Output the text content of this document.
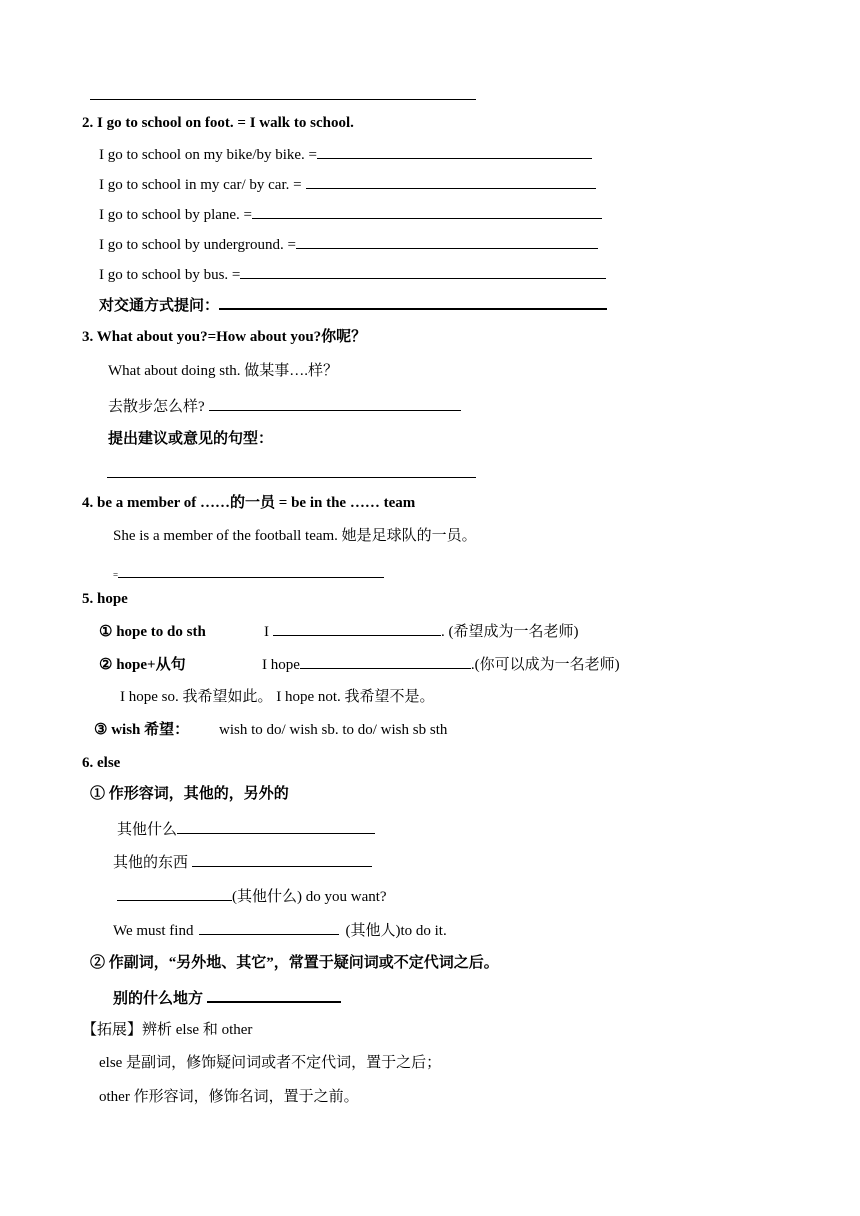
2. I go to school on foot. = I walk to school.
I go to school on my bike/by bike. =
I go to school in my car/ by car. =
I go to school by plane. =
I go to school by underground. =
I go to school by bus. =
对交通方式提问：
3. What about you?=How about you?你呢？
What about doing sth. 做某事….样？
去散步怎么样?
提出建议或意见的句型：
4. be a member of ……的一员 = be in the …… team
She is a member of the football team. 她是足球队的一员。
=
5. hope
① hope to do sth	I	. (希望成为一名老师)
② hope+从句	I hope	.(你可以成为一名老师)
I hope so. 我希望如此。 I hope not. 我希望不是。
③ wish 希望： wish to do/ wish sb. to do/ wish sb sth
6. else
① 作形容词，其他的，另外的
其他什么
其他的东西
(其他什么) do you want?
We must find	(其他人)to do it.
② 作副词，“另外地、其它”，常置于疑问词或不定代词之后。
别的什么地方
【拓展】辨析 else 和 other
else 是副词，修饰疑问词或者不定代词，置于之后；
other 作形容词，修饰名词，置于之前。
